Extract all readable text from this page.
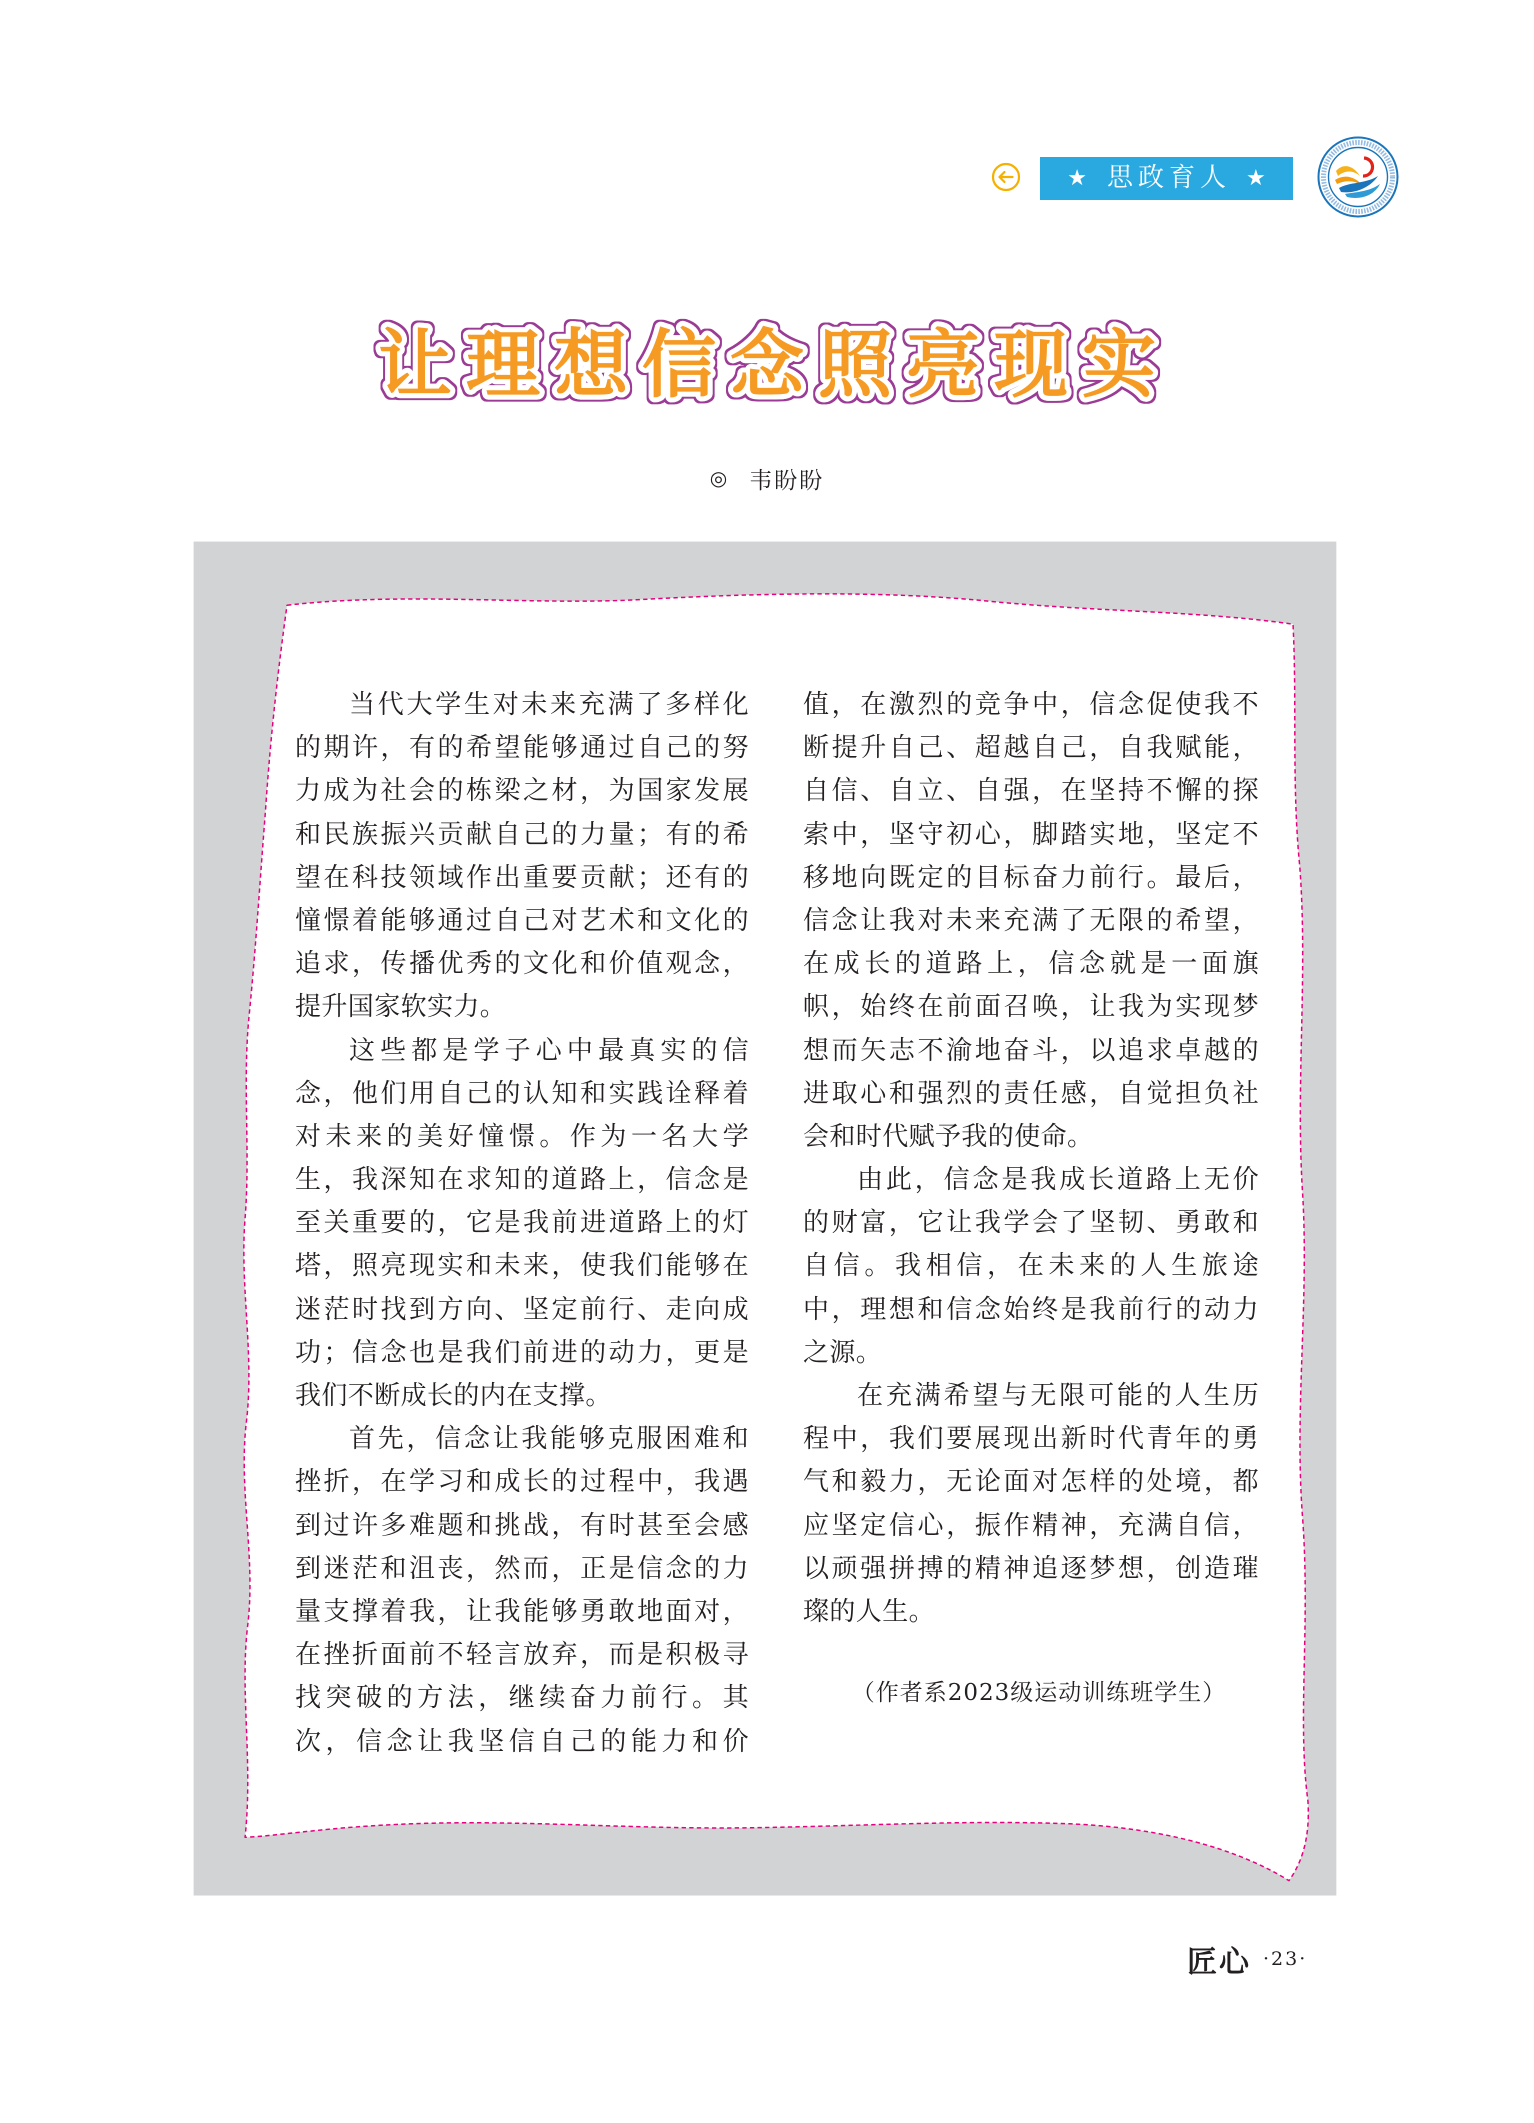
★ 思政育人 ★
让理想信念照亮现实
◎ 韦盼盼
当代大学生对未来充满了多样化
的期许，有的希望能够通过自己的努
力成为社会的栋梁之材，为国家发展
和民族振兴贡献自己的力量；有的希
望在科技领域作出重要贡献；还有的
憧憬着能够通过自己对艺术和文化的
追求，传播优秀的文化和价值观念，
提升国家软实力。
这些都是学子心中最真实的信
念，他们用自己的认知和实践诠释着
对未来的美好憧憬。作为一名大学
生，我深知在求知的道路上，信念是
至关重要的，它是我前进道路上的灯
塔，照亮现实和未来，使我们能够在
迷茫时找到方向、坚定前行、走向成
功；信念也是我们前进的动力，更是
我们不断成长的内在支撑。
首先，信念让我能够克服困难和
挫折，在学习和成长的过程中，我遇
到过许多难题和挑战，有时甚至会感
到迷茫和沮丧，然而，正是信念的力
量支撑着我，让我能够勇敢地面对，
在挫折面前不轻言放弃，而是积极寻
找突破的方法，继续奋力前行。其
次，信念让我坚信自己的能力和价
值，在激烈的竞争中，信念促使我不
断提升自己、超越自己，自我赋能，
自信、自立、自强，在坚持不懈的探
索中，坚守初心，脚踏实地，坚定不
移地向既定的目标奋力前行。最后，
信念让我对未来充满了无限的希望，
在成长的道路上，信念就是一面旗
帜，始终在前面召唤，让我为实现梦
想而矢志不渝地奋斗，以追求卓越的
进取心和强烈的责任感，自觉担负社
会和时代赋予我的使命。
由此，信念是我成长道路上无价
的财富，它让我学会了坚韧、勇敢和
自信。我相信，在未来的人生旅途
中，理想和信念始终是我前行的动力
之源。
在充满希望与无限可能的人生历
程中，我们要展现出新时代青年的勇
气和毅力，无论面对怎样的处境，都
应坚定信心，振作精神，充满自信，
以顽强拼搏的精神追逐梦想，创造璀
璨的人生。
（作者系2023级运动训练班学生）
匠心 ·23·
